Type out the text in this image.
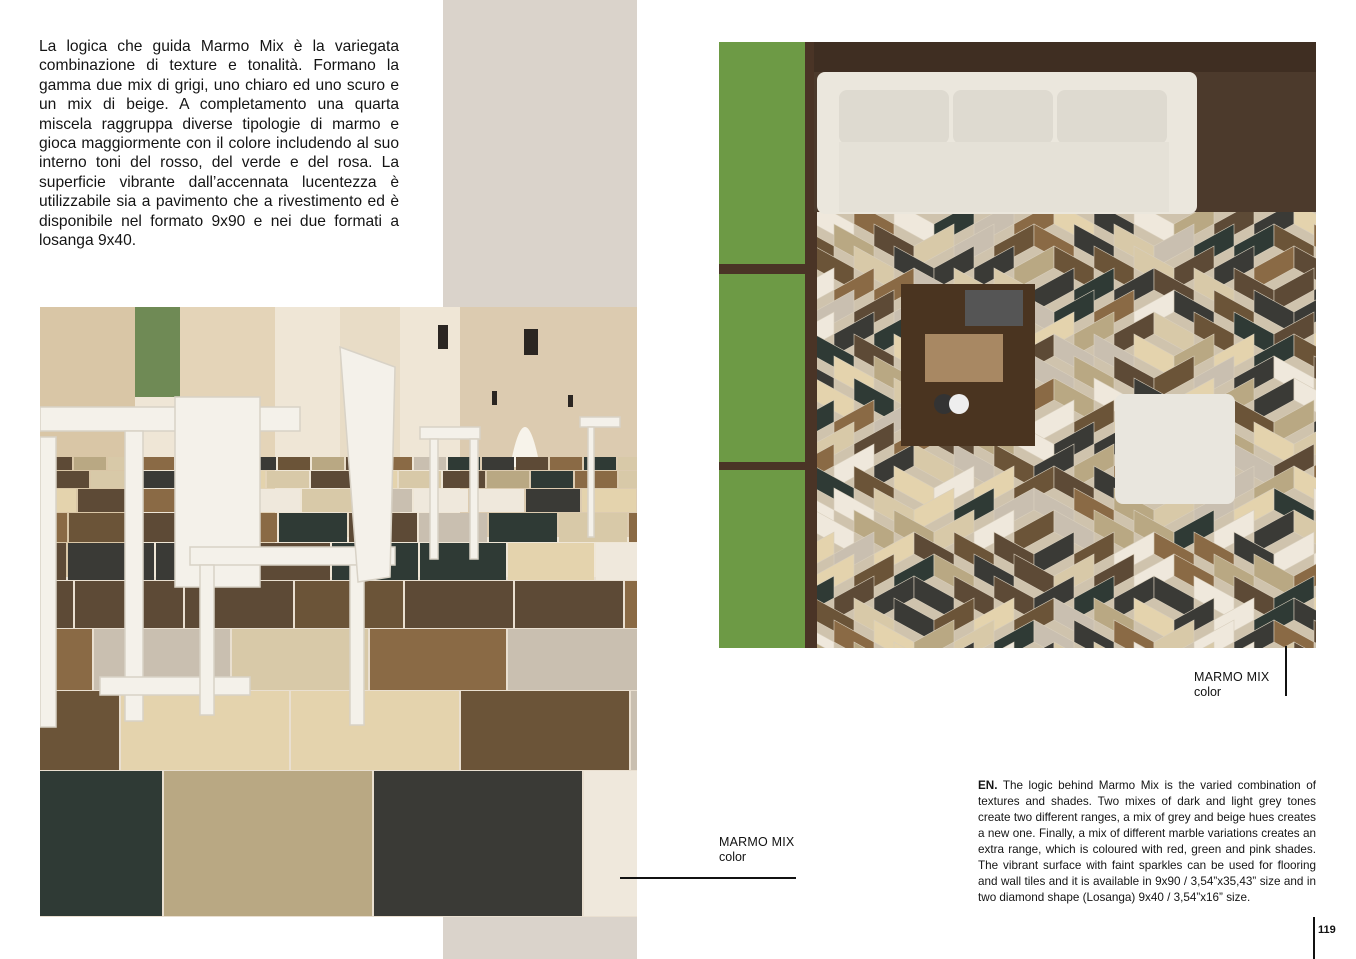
La logica che guida Marmo Mix è la variegata combinazione di texture e tonalità. Formano la gamma due mix di grigi, uno chiaro ed uno scuro e un mix di beige. A completamento una quarta miscela raggruppa diverse tipologie di marmo e gioca maggiormente con il colore includendo al suo interno toni del rosso, del verde e del rosa. La superficie vibrante dall’accennata lucentezza è utilizzabile sia a pavimento che a rivestimento ed è disponibile nel formato 9x90 e nei due formati a losanga 9x40.

MARMO MIX
color
MARMO MIX
color

EN. The logic behind Marmo Mix is the varied combination of textures and shades. Two mixes of dark and light grey tones create two different ranges, a mix of grey and beige hues creates a new one. Finally, a mix of different marble variations creates an extra range, which is coloured with red, green and pink shades. The vibrant surface with faint sparkles can be used for flooring and wall tiles and it is available in 9x90 / 3,54”x35,43” size and in two diamond shape (Losanga) 9x40 / 3,54”x16” size.

119
